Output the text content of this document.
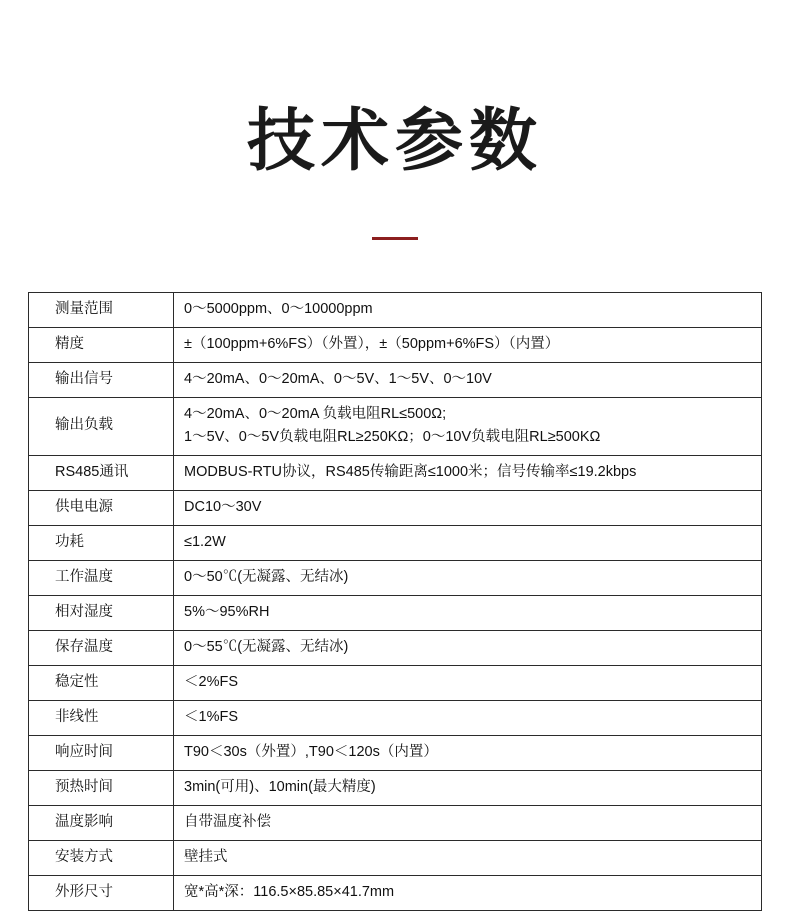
技术参数
测量范围	0～5000ppm、0～10000ppm

精度	±（100ppm+6%FS）（外置），±（50ppm+6%FS）（内置）

输出信号	4～20mA、0～20mA、0～5V、1～5V、0～10V

输出负载	4～20mA、0～20mA 负载电阻RL≤500Ω;
1～5V、0～5V负载电阻RL≥250KΩ；0～10V负载电阻RL≥500KΩ

RS485通讯	MODBUS-RTU协议，RS485传输距离≤1000米；信号传输率≤19.2kbps

供电电源	DC10～30V

功耗	≤1.2W

工作温度	0～50℃(无凝露、无结冰)

相对湿度	5%～95%RH

保存温度	0～55℃(无凝露、无结冰)

稳定性	＜2%FS

非线性	＜1%FS

响应时间	T90＜30s（外置）,T90＜120s（内置）

预热时间	3min(可用)、10min(最大精度)

温度影响	自带温度补偿

安装方式	壁挂式

外形尺寸	宽*高*深：116.5×85.85×41.7mm
